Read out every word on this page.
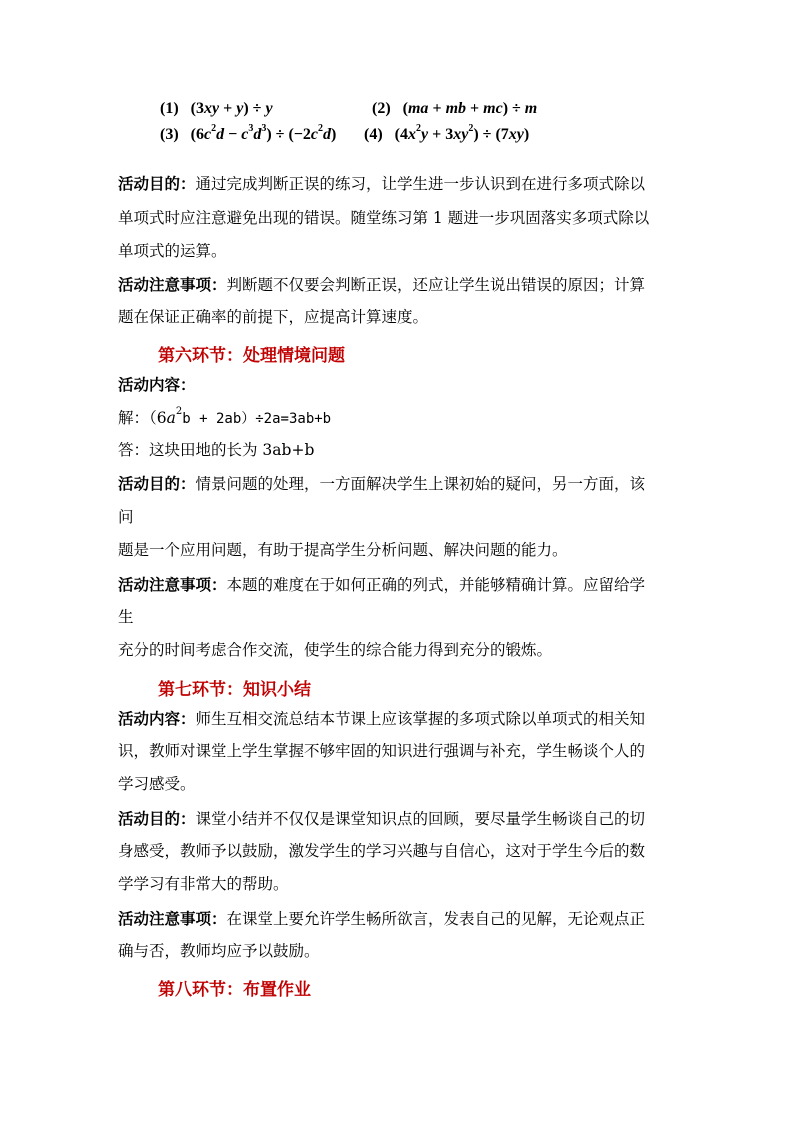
(1) (3xy + y) ÷ y	(2) (ma + mb + mc) ÷ m
(3) $(6c^2d - c^3d^3) \div (-2c^2d)$ (4) $(4x^2y + 3xy^2) \div (7xy)$
活动目的：通过完成判断正误的练习，让学生进一步认识到在进行多项式除以
单项式时应注意避免出现的错误。随堂练习第 1 题进一步巩固落实多项式除以
单项式的运算。
活动注意事项：判断题不仅要会判断正误，还应让学生说出错误的原因；计算
题在保证正确率的前提下，应提高计算速度。
第六环节：处理情境问题
活动内容：
解：$(6a^2b + 2ab)\div 2a=3ab+b$
答：这块田地的长为 3ab+b
活动目的：情景问题的处理，一方面解决学生上课初始的疑问，另一方面，该
问
题是一个应用问题，有助于提高学生分析问题、解决问题的能力。
活动注意事项：本题的难度在于如何正确的列式，并能够精确计算。应留给学
生
充分的时间考虑合作交流，使学生的综合能力得到充分的锻炼。
第七环节：知识小结
活动内容：师生互相交流总结本节课上应该掌握的多项式除以单项式的相关知
识，教师对课堂上学生掌握不够牢固的知识进行强调与补充，学生畅谈个人的
学习感受。
活动目的：课堂小结并不仅仅是课堂知识点的回顾，要尽量学生畅谈自己的切
身感受，教师予以鼓励，激发学生的学习兴趣与自信心，这对于学生今后的数
学学习有非常大的帮助。
活动注意事项：在课堂上要允许学生畅所欲言，发表自己的见解，无论观点正
确与否，教师均应予以鼓励。
第八环节：布置作业
